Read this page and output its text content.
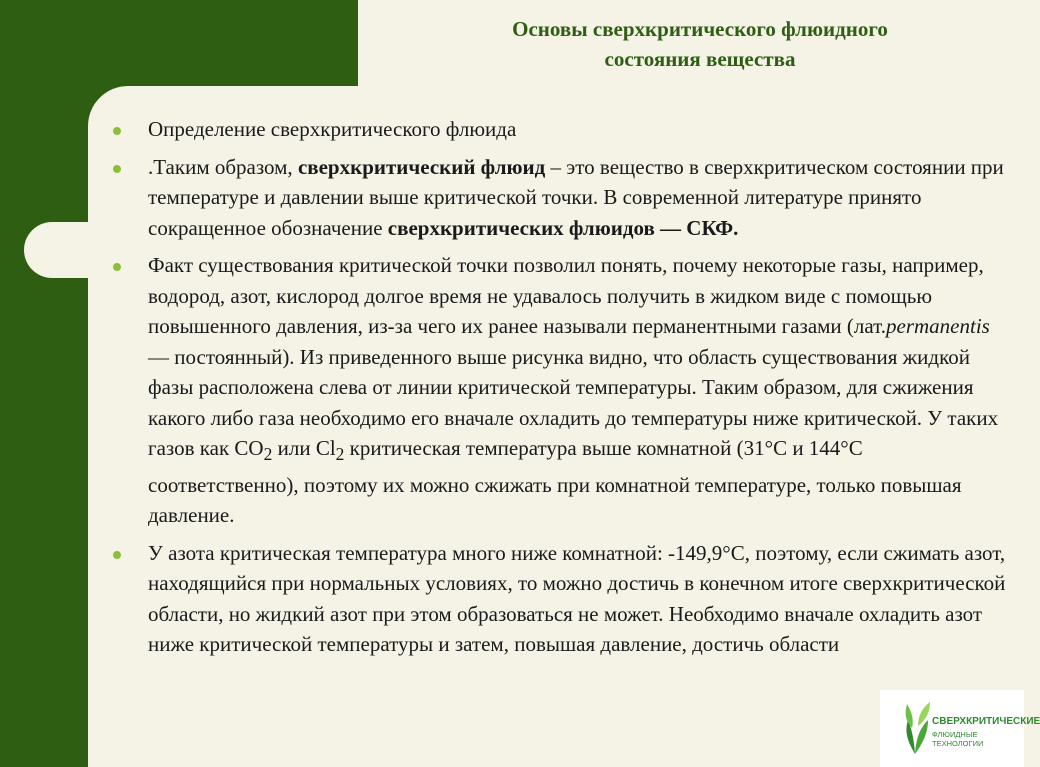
Основы сверхкритического флюидного
состояния вещества
Определение сверхкритического флюида
.Таким образом, сверхкритический флюид – это вещество в сверхкритическом состоянии при температуре и давлении выше критической точки. В современной литературе принято сокращенное обозначение сверхкритических флюидов — СКФ.
Факт существования критической точки позволил понять, почему некоторые газы, например, водород, азот, кислород долгое время не удавалось получить в жидком виде с помощью повышенного давления, из-за чего их ранее называли перманентными газами (лат.permanentis — постоянный). Из приведенного выше рисунка видно, что область существования жидкой фазы расположена слева от линии критической температуры. Таким образом, для сжижения какого либо газа необходимо его вначале охладить до температуры ниже критической. У таких газов как $CO_2$ или $Cl_2$ критическая температура выше комнатной (31°C и 144°C соответственно), поэтому их можно сжижать при комнатной температуре, только повышая давление.
У азота критическая температура много ниже комнатной: -149,9°C, поэтому, если сжимать азот, находящийся при нормальных условиях, то можно достичь в конечном итоге сверхкритической области, но жидкий азот при этом образоваться не может. Необходимо вначале охладить азот ниже критической температуры и затем, повышая давление, достичь области
СВЕРХКРИТИЧЕСКИЕ
ФЛЮИДНЫЕ ТЕХНОЛОГИИ
